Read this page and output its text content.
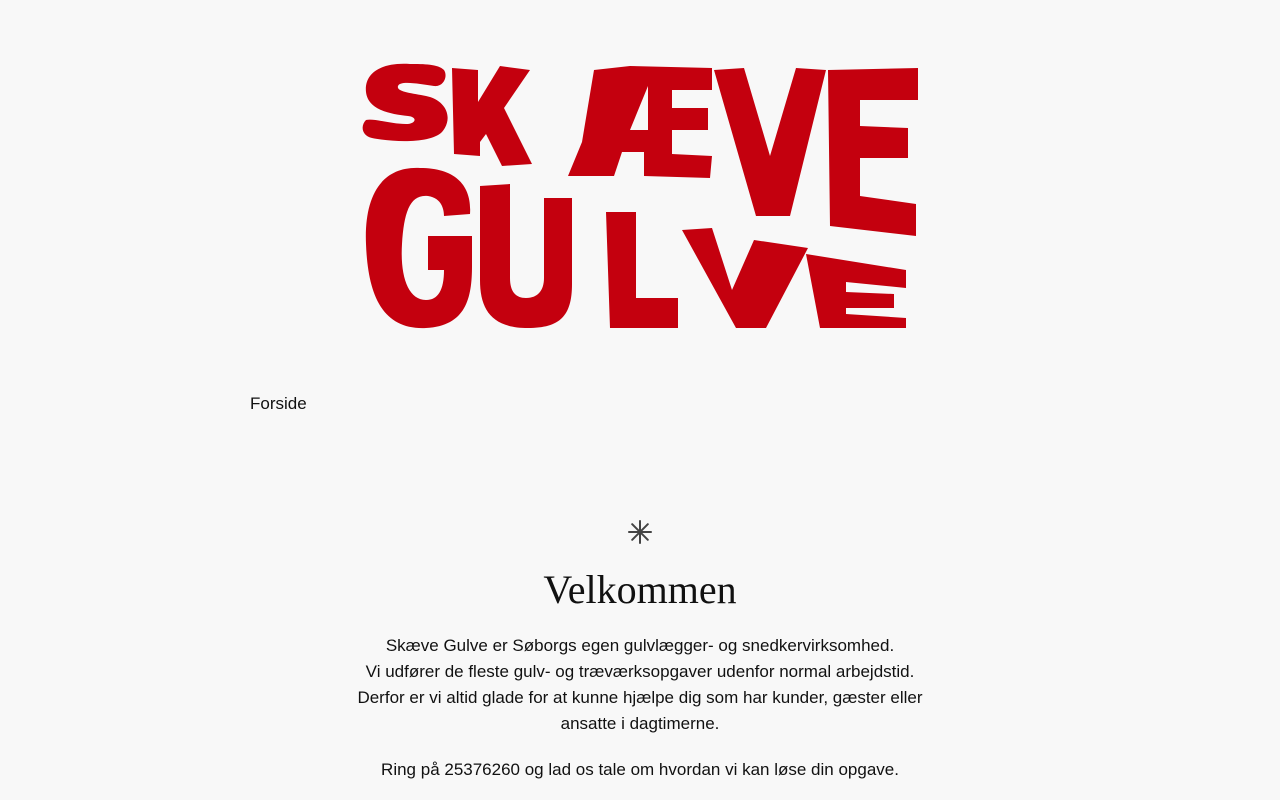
Forside
Velkommen

Skæve Gulve er Søborgs egen gulvlægger- og snedkervirksomhed.
Vi udfører de fleste gulv- og træværksopgaver udenfor normal arbejdstid.
Derfor er vi altid glade for at kunne hjælpe dig som har kunder, gæster eller ansatte i dagtimerne.

Ring på 25376260 og lad os tale om hvordan vi kan løse din opgave.
